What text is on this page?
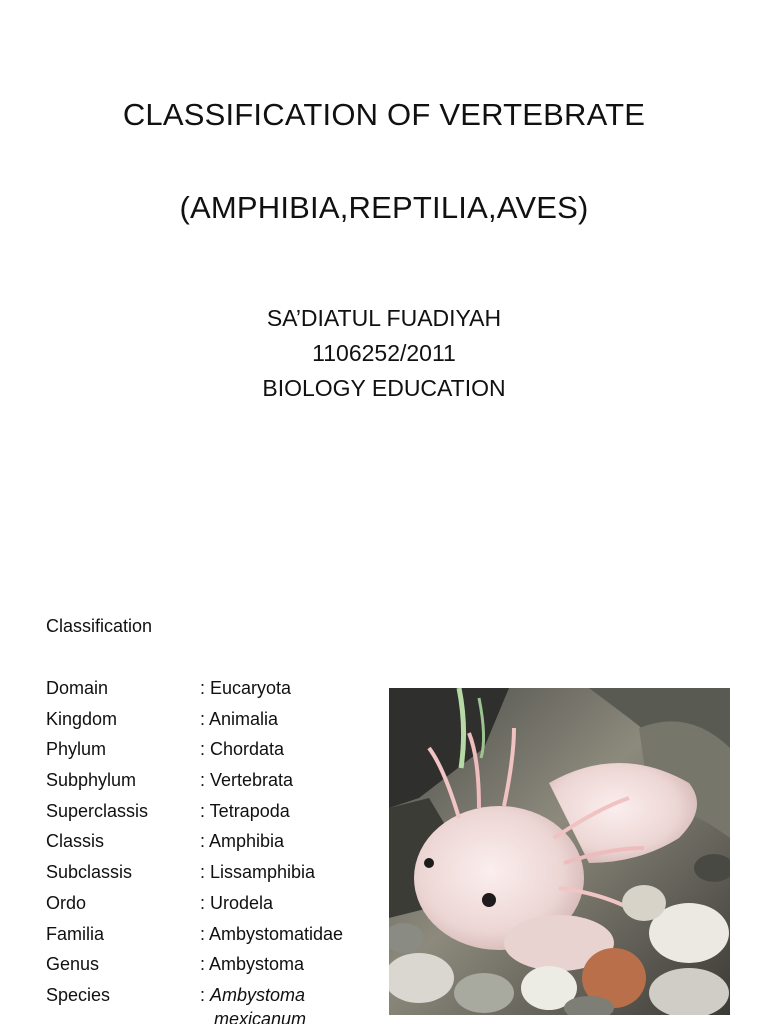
CLASSIFICATION OF VERTEBRATE
(AMPHIBIA,REPTILIA,AVES)
SA’DIATUL FUADIYAH
1106252/2011
BIOLOGY EDUCATION
Classification
Domain	: Eucaryota
Kingdom	: Animalia
Phylum	: Chordata
Subphylum	: Vertebrata
Superclassis	: Tetrapoda
Classis	: Amphibia
Subclassis	: Lissamphibia
Ordo	: Urodela
Familia	: Ambystomatidae
Genus	: Ambystoma
Species	: Ambystoma
mexicanum
